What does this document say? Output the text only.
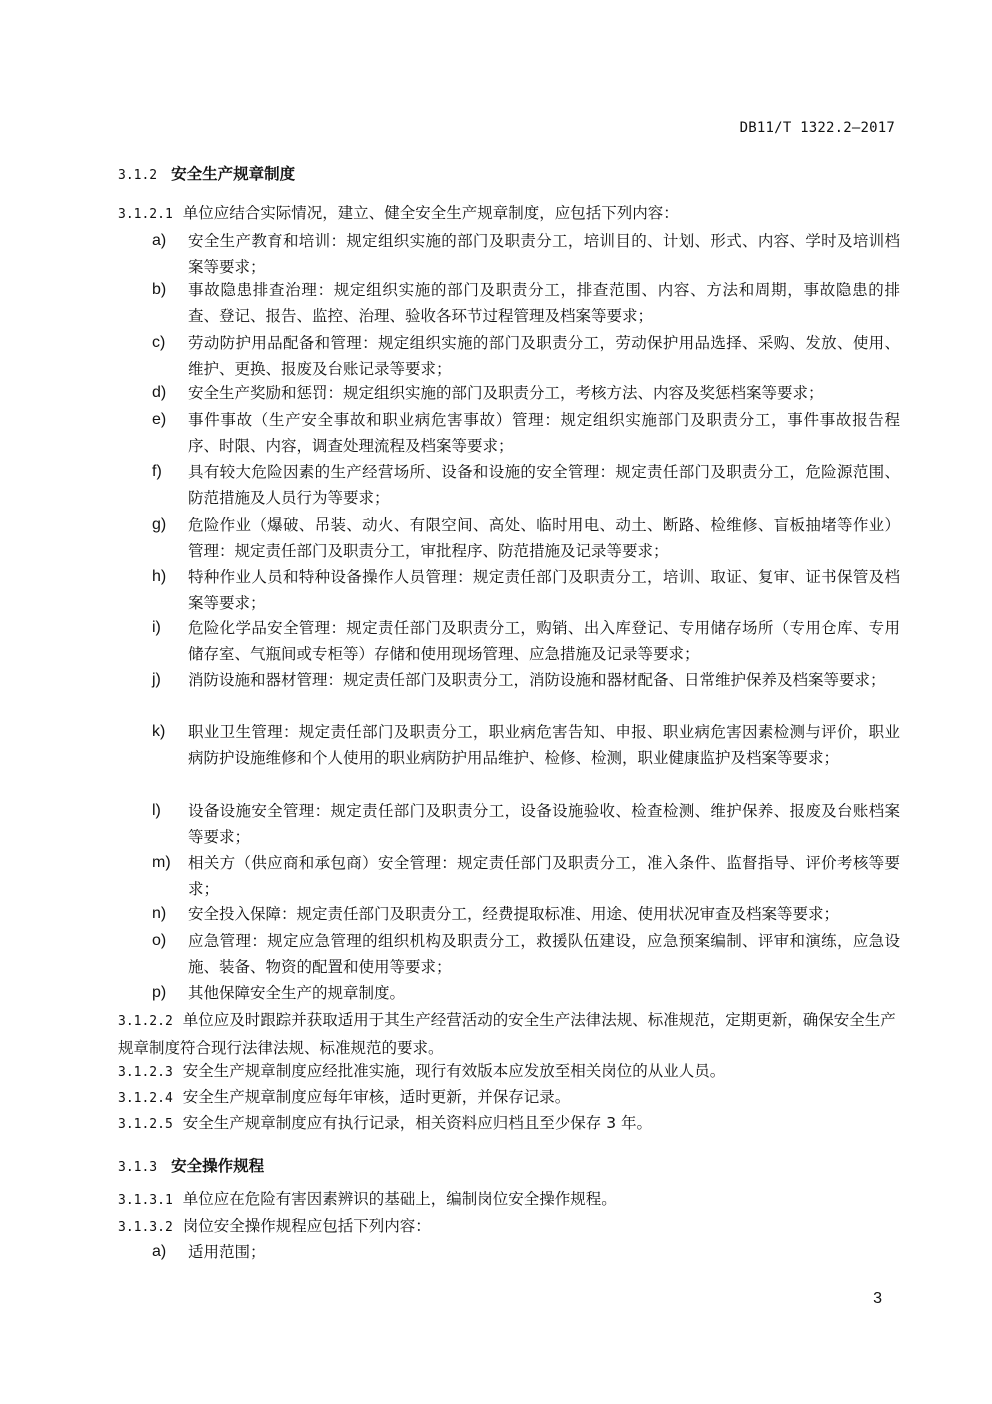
DB11/T 1322.2—2017
3.1.2 安全生产规章制度
3.1.2.1 单位应结合实际情况，建立、健全安全生产规章制度，应包括下列内容：
a)	安全生产教育和培训：规定组织实施的部门及职责分工，培训目的、计划、形式、内容、学时及培训档案等要求；
b)	事故隐患排查治理：规定组织实施的部门及职责分工，排查范围、内容、方法和周期，事故隐患的排查、登记、报告、监控、治理、验收各环节过程管理及档案等要求；
c)	劳动防护用品配备和管理：规定组织实施的部门及职责分工，劳动保护用品选择、采购、发放、使用、维护、更换、报废及台账记录等要求；
d)	安全生产奖励和惩罚：规定组织实施的部门及职责分工，考核方法、内容及奖惩档案等要求；
e)	事件事故（生产安全事故和职业病危害事故）管理：规定组织实施部门及职责分工，事件事故报告程序、时限、内容，调查处理流程及档案等要求；
f)	具有较大危险因素的生产经营场所、设备和设施的安全管理：规定责任部门及职责分工，危险源范围、防范措施及人员行为等要求；
g)	危险作业（爆破、吊装、动火、有限空间、高处、临时用电、动土、断路、检维修、盲板抽堵等作业）管理：规定责任部门及职责分工，审批程序、防范措施及记录等要求；
h)	特种作业人员和特种设备操作人员管理：规定责任部门及职责分工，培训、取证、复审、证书保管及档案等要求；
i)	危险化学品安全管理：规定责任部门及职责分工，购销、出入库登记、专用储存场所（专用仓库、专用储存室、气瓶间或专柜等）存储和使用现场管理、应急措施及记录等要求；
j)	消防设施和器材管理：规定责任部门及职责分工，消防设施和器材配备、日常维护保养及档案等要求；
k)	职业卫生管理：规定责任部门及职责分工，职业病危害告知、申报、职业病危害因素检测与评价，职业病防护设施维修和个人使用的职业病防护用品维护、检修、检测，职业健康监护及档案等要求；
l)	设备设施安全管理：规定责任部门及职责分工，设备设施验收、检查检测、维护保养、报废及台账档案等要求；
m)	相关方（供应商和承包商）安全管理：规定责任部门及职责分工，准入条件、监督指导、评价考核等要求；
n)	安全投入保障：规定责任部门及职责分工，经费提取标准、用途、使用状况审查及档案等要求；
o)	应急管理：规定应急管理的组织机构及职责分工，救援队伍建设，应急预案编制、评审和演练，应急设施、装备、物资的配置和使用等要求；
p)	其他保障安全生产的规章制度。
3.1.2.2 单位应及时跟踪并获取适用于其生产经营活动的安全生产法律法规、标准规范，定期更新，确保安全生产规章制度符合现行法律法规、标准规范的要求。
3.1.2.3 安全生产规章制度应经批准实施，现行有效版本应发放至相关岗位的从业人员。
3.1.2.4 安全生产规章制度应每年审核，适时更新，并保存记录。
3.1.2.5 安全生产规章制度应有执行记录，相关资料应归档且至少保存 3 年。
3.1.3 安全操作规程
3.1.3.1 单位应在危险有害因素辨识的基础上，编制岗位安全操作规程。
3.1.3.2 岗位安全操作规程应包括下列内容：
a)	适用范围；
3
